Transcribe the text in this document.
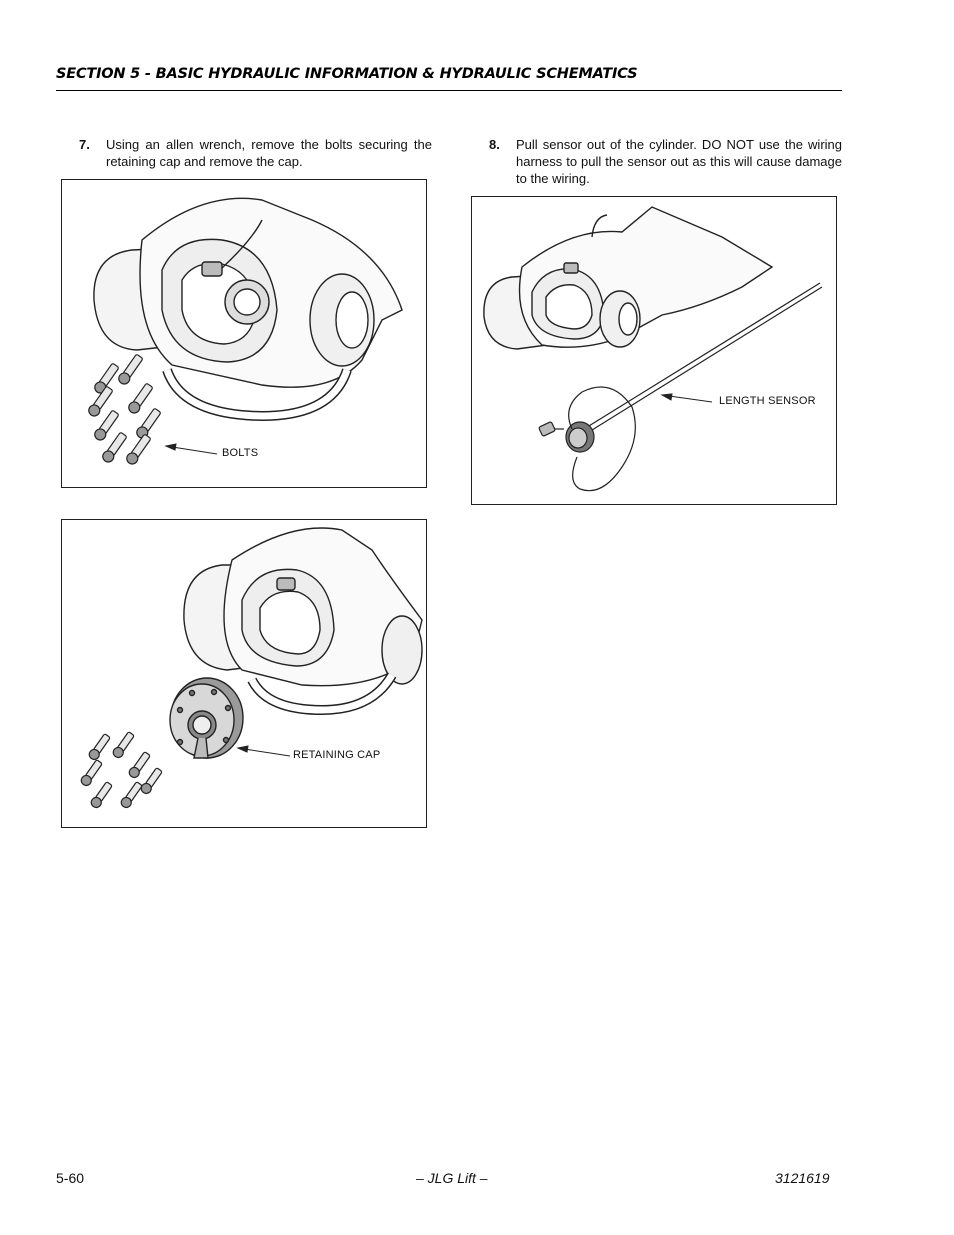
SECTION 5 - BASIC HYDRAULIC INFORMATION & HYDRAULIC SCHEMATICS
7. Using an allen wrench, remove the bolts securing the retaining cap and remove the cap.
8. Pull sensor out of the cylinder. DO NOT use the wiring harness to pull the sensor out as this will cause damage to the wiring.
BOLTS
RETAINING CAP
LENGTH SENSOR
5-60	– JLG Lift –	3121619
